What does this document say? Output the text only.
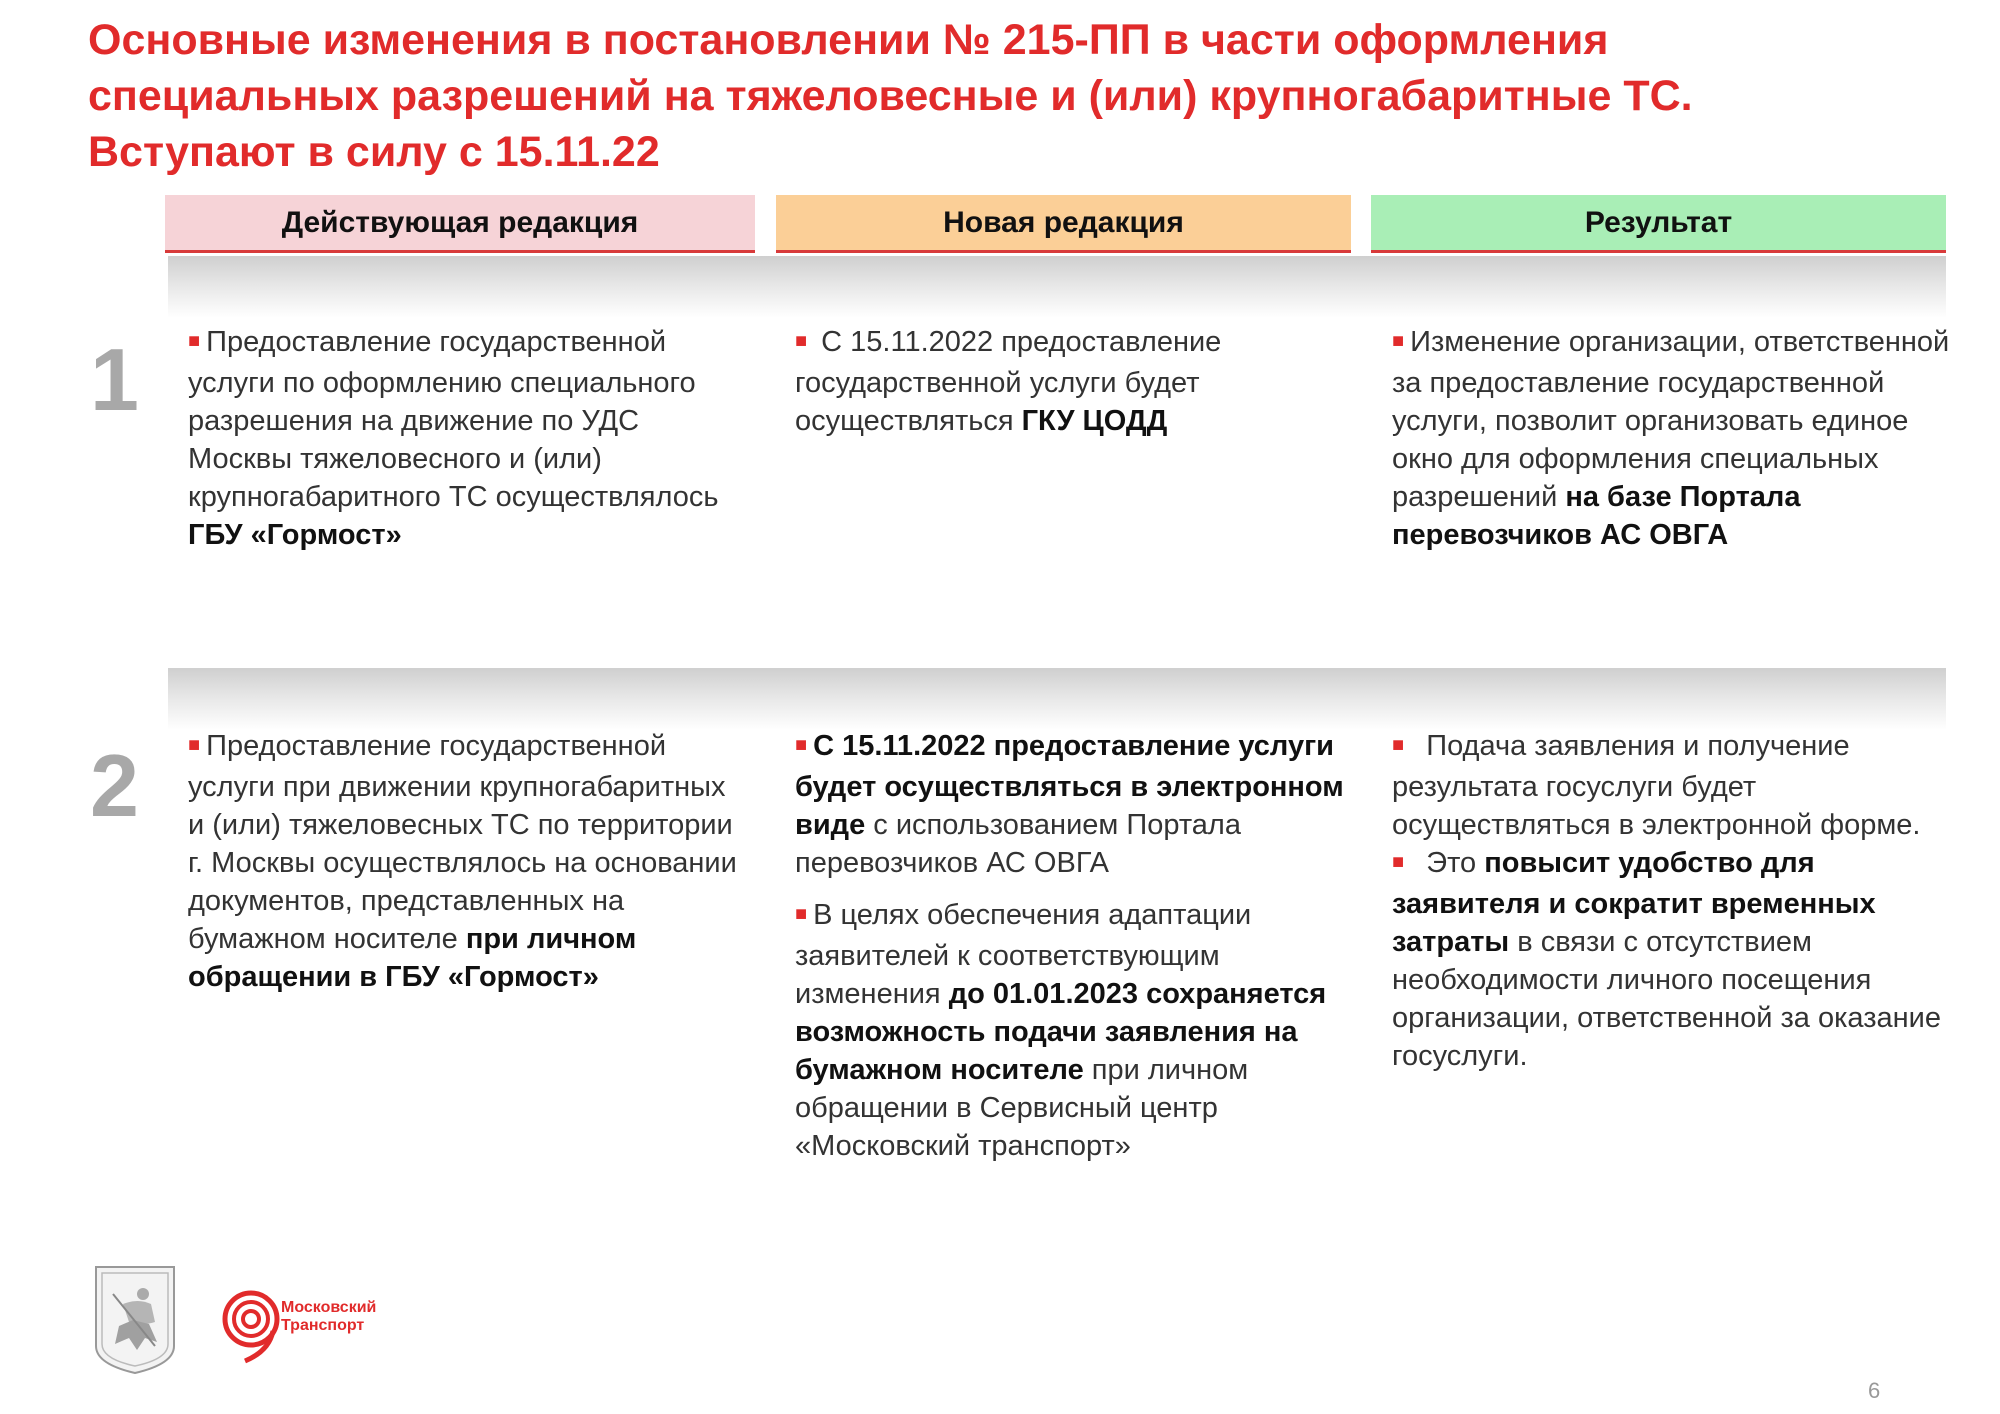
Основные изменения в постановлении № 215-ПП в части оформления
специальных разрешений на тяжеловесные и (или) крупногабаритные ТС.
Вступают в силу с 15.11.22
Действующая редакция	Новая редакция	Результат
1
2

■ Предоставление государственной услуги по оформлению специального разрешения на движение по УДС Москвы тяжеловесного и (или) крупногабаритного ТС осуществлялось ГБУ «Гормост»

■ С 15.11.2022 предоставление государственной услуги будет осуществляться ГКУ ЦОДД

■ Изменение организации, ответственной за предоставление государственной услуги, позволит организовать единое окно для оформления специальных разрешений на базе Портала перевозчиков АС ОВГА

■ Предоставление государственной услуги при движении крупногабаритных и (или) тяжеловесных ТС по территории г. Москвы осуществлялось на основании документов, представленных на бумажном носителе при личном обращении в ГБУ «Гормост»

■ С 15.11.2022 предоставление услуги будет осуществляться в электронном виде с использованием Портала перевозчиков АС ОВГА

■ В целях обеспечения адаптации заявителей к соответствующим изменения до 01.01.2023 сохраняется возможность подачи заявления на бумажном носителе при личном обращении в Сервисный центр «Московский транспорт»

■ Подача заявления и получение результата госуслуги будет осуществляться в электронной форме.

■ Это повысит удобство для заявителя и сократит временных затраты в связи с отсутствием необходимости личного посещения организации, ответственной за оказание госуслуги.

Московский
Транспорт
6
